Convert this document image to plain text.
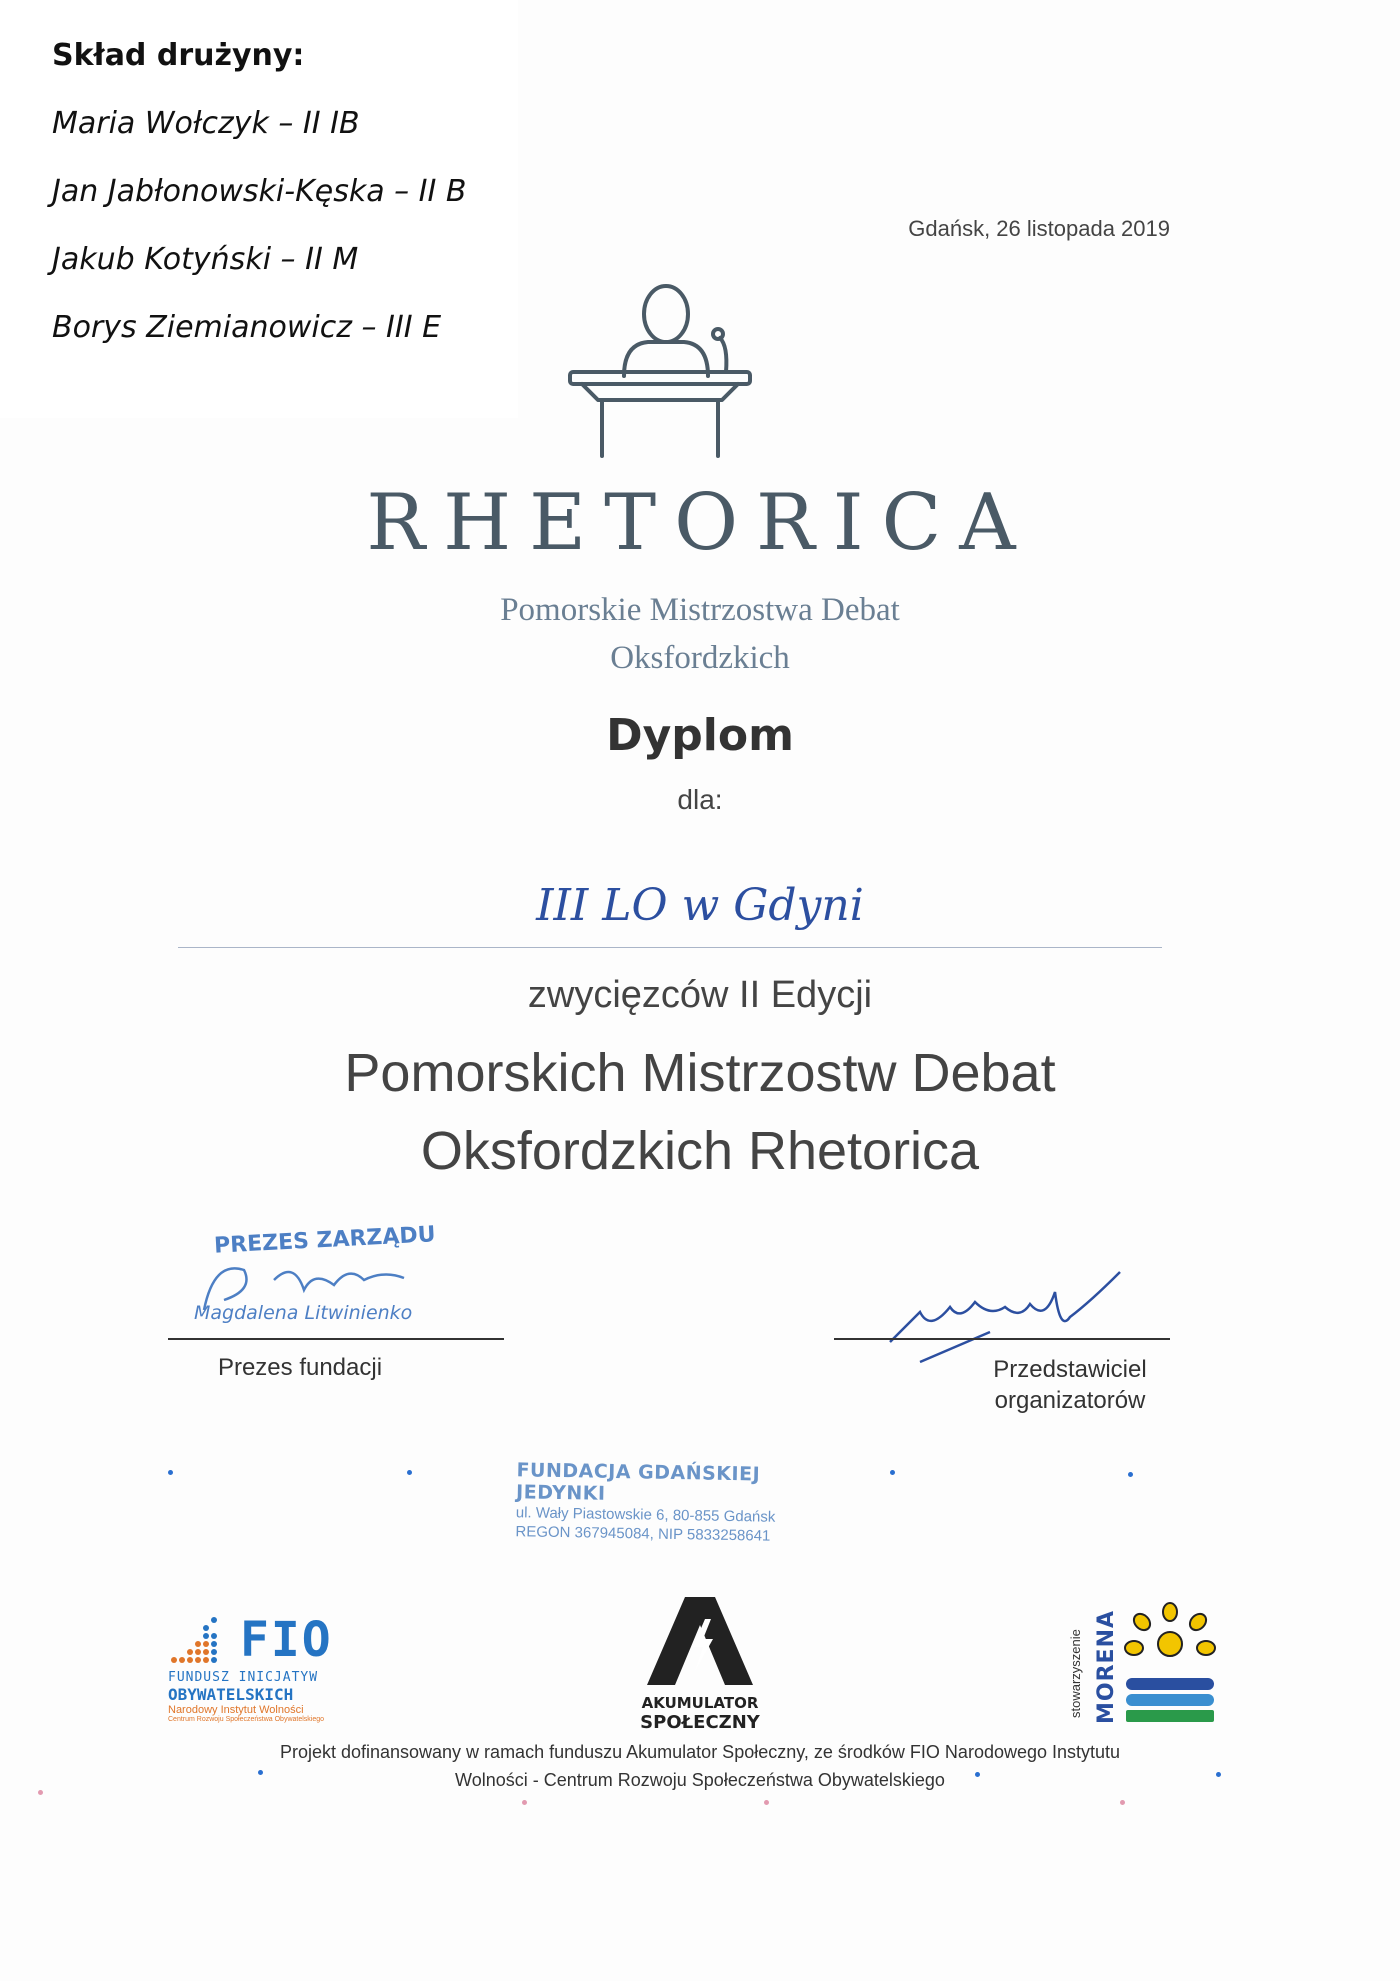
Skład drużyny:
Maria Wołczyk – II IB
Jan Jabłonowski-Kęska – II B
Jakub Kotyński – II M
Borys Ziemianowicz – III E
Gdańsk, 26 listopada 2019
RHETORICA
Pomorskie Mistrzostwa Debat
Oksfordzkich
Dyplom
dla:
III LO w Gdyni
zwycięzców II Edycji
Pomorskich Mistrzostw Debat
Oksfordzkich Rhetorica
PREZES ZARZĄDU
Magdalena Litwinienko
Prezes fundacji	Przedstawiciel
organizatorów
FUNDACJA GDAŃSKIEJ JEDYNKI
ul. Wały Piastowskie 6, 80-855 Gdańsk
REGON 367945084, NIP 5833258641
FIO
FUNDUSZ INICJATYW
OBYWATELSKICH
Narodowy Instytut Wolności
Centrum Rozwoju Społeczeństwa Obywatelskiego
AKUMULATOR
SPOŁECZNY
stowarzyszenie MORENA
Projekt dofinansowany w ramach funduszu Akumulator Społeczny, ze środków FIO Narodowego Instytutu
Wolności - Centrum Rozwoju Społeczeństwa Obywatelskiego
